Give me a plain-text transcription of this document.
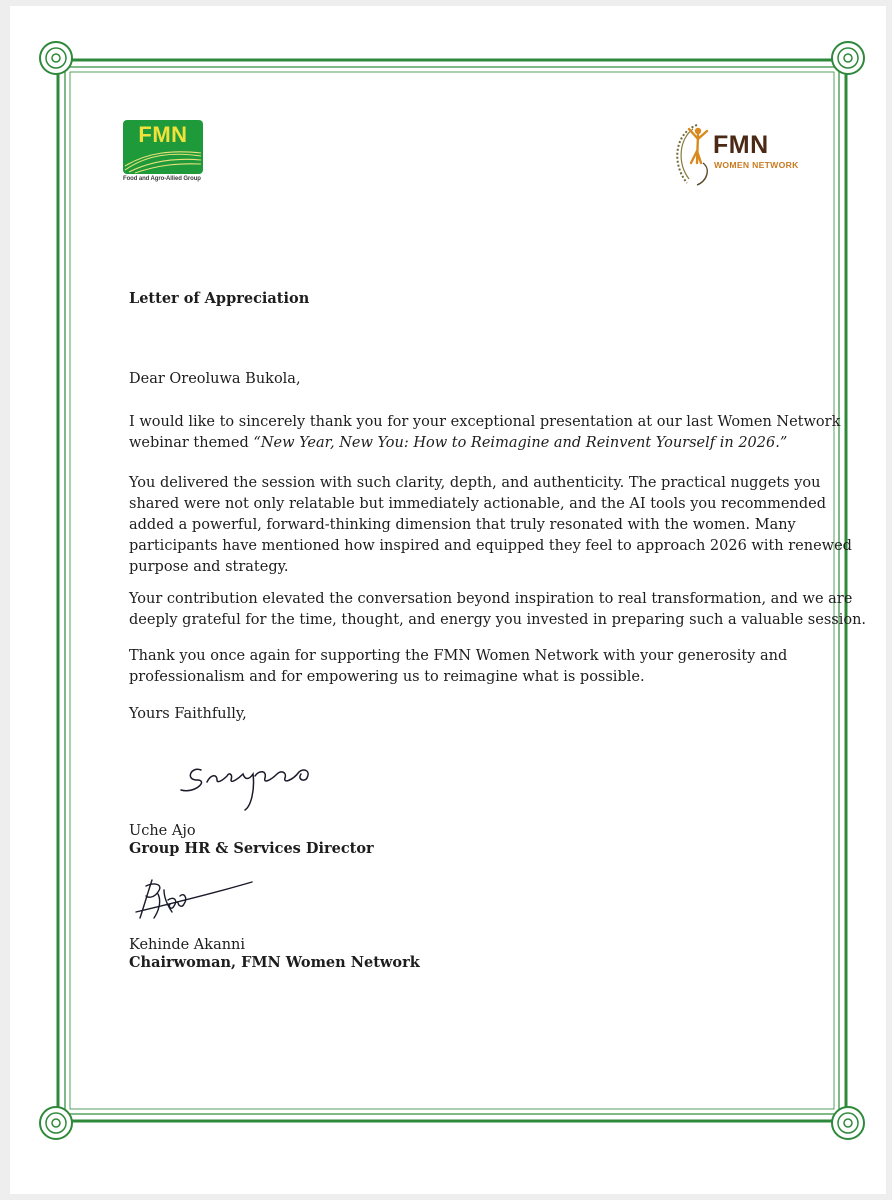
FMN
Food and Agro-Allied Group
FMN
WOMEN NETWORK
Letter of Appreciation
Dear Oreoluwa Bukola,
I would like to sincerely thank you for your exceptional presentation at our last Women Network
webinar themed “New Year, New You: How to Reimagine and Reinvent Yourself in 2026.”
You delivered the session with such clarity, depth, and authenticity. The practical nuggets you
shared were not only relatable but immediately actionable, and the AI tools you recommended
added a powerful, forward-thinking dimension that truly resonated with the women. Many
participants have mentioned how inspired and equipped they feel to approach 2026 with renewed
purpose and strategy.
Your contribution elevated the conversation beyond inspiration to real transformation, and we are
deeply grateful for the time, thought, and energy you invested in preparing such a valuable session.
Thank you once again for supporting the FMN Women Network with your generosity and
professionalism and for empowering us to reimagine what is possible.
Yours Faithfully,
Uche Ajo
Group HR & Services Director
Kehinde Akanni
Chairwoman, FMN Women Network
